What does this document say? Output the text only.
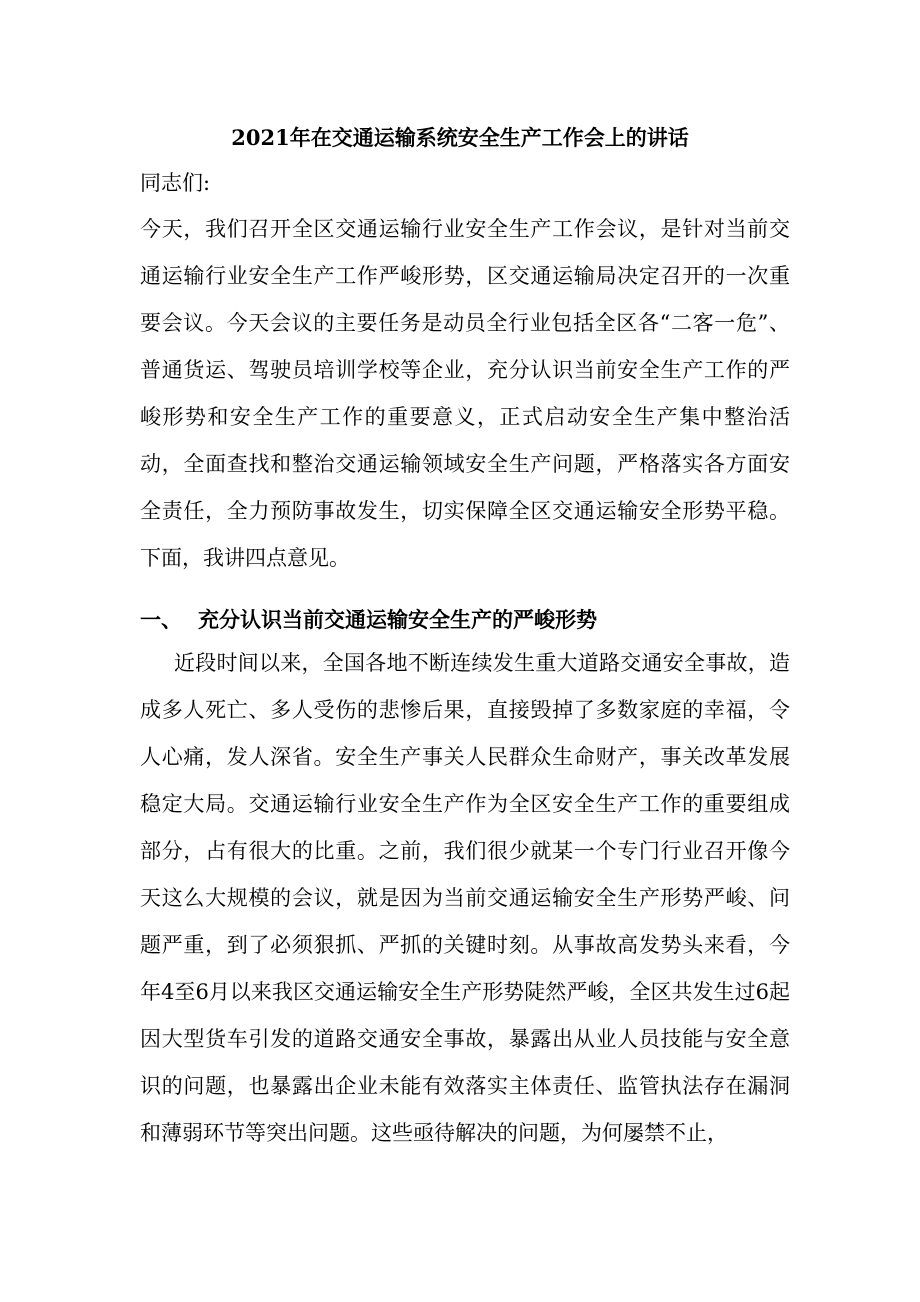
2021年在交通运输系统安全生产工作会上的讲话

同志们:

今天，我们召开全区交通运输行业安全生产工作会议，是针对当前交通运输行业安全生产工作严峻形势，区交通运输局决定召开的一次重要会议。今天会议的主要任务是动员全行业包括全区各“二客一危”、普通货运、驾驶员培训学校等企业，充分认识当前安全生产工作的严峻形势和安全生产工作的重要意义，正式启动安全生产集中整治活动，全面查找和整治交通运输领域安全生产问题，严格落实各方面安全责任，全力预防事故发生，切实保障全区交通运输安全形势平稳。下面，我讲四点意见。

一、 充分认识当前交通运输安全生产的严峻形势

近段时间以来，全国各地不断连续发生重大道路交通安全事故，造成多人死亡、多人受伤的悲惨后果，直接毁掉了多数家庭的幸福，令人心痛，发人深省。安全生产事关人民群众生命财产，事关改革发展稳定大局。交通运输行业安全生产作为全区安全生产工作的重要组成部分，占有很大的比重。之前，我们很少就某一个专门行业召开像今天这么大规模的会议，就是因为当前交通运输安全生产形势严峻、问题严重，到了必须狠抓、严抓的关键时刻。从事故高发势头来看，今年4至6月以来我区交通运输安全生产形势陡然严峻，全区共发生过6起因大型货车引发的道路交通安全事故，暴露出从业人员技能与安全意识的问题，也暴露出企业未能有效落实主体责任、监管执法存在漏洞和薄弱环节等突出问题。这些亟待解决的问题，为何屡禁不止，
